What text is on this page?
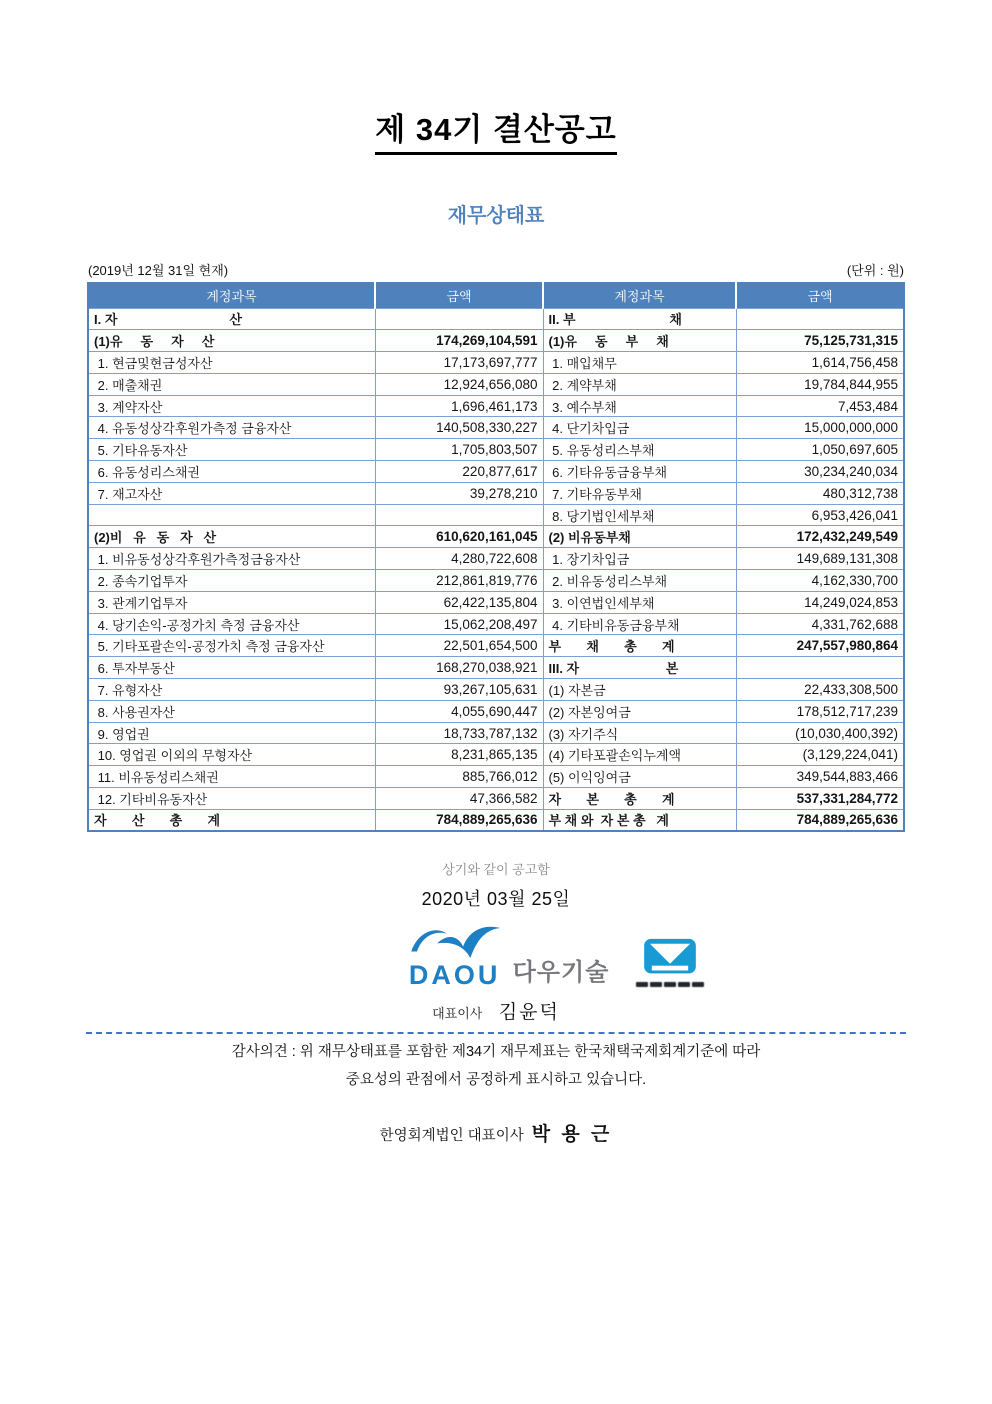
제 34기 결산공고
재무상태표
(2019년 12월 31일 현재)	(단위 : 원)
계정과목	금액	계정과목	금액
I. 자                               산		II. 부                          채	
(1)유     동     자     산	174,269,104,591	(1)유     동     부     채	75,125,731,315
1. 현금및현금성자산	17,173,697,777	1. 매입채무	1,614,756,458
2. 매출채권	12,924,656,080	2. 계약부채	19,784,844,955
3. 계약자산	1,696,461,173	3. 예수부채	7,453,484
4. 유동성상각후원가측정 금융자산	140,508,330,227	4. 단기차입금	15,000,000,000
5. 기타유동자산	1,705,803,507	5. 유동성리스부채	1,050,697,605
6. 유동성리스채권	220,877,617	6. 기타유동금융부채	30,234,240,034
7. 재고자산	39,278,210	7. 기타유동부채	480,312,738
		8. 당기법인세부채	6,953,426,041
(2)비   유   동   자   산	610,620,161,045	(2) 비유동부채	172,432,249,549
1. 비유동성상각후원가측정금융자산	4,280,722,608	1. 장기차입금	149,689,131,308
2. 종속기업투자	212,861,819,776	2. 비유동성리스부채	4,162,330,700
3. 관계기업투자	62,422,135,804	3. 이연법인세부채	14,249,024,853
4. 당기손익-공정가치 측정 금융자산	15,062,208,497	4. 기타비유동금융부채	4,331,762,688
5. 기타포괄손익-공정가치 측정 금융자산	22,501,654,500	부       채       총       계	247,557,980,864
6. 투자부동산	168,270,038,921	III. 자                        본	
7. 유형자산	93,267,105,631	(1) 자본금	22,433,308,500
8. 사용권자산	4,055,690,447	(2) 자본잉여금	178,512,717,239
9. 영업권	18,733,787,132	(3) 자기주식	(10,030,400,392)
10. 영업권 이외의 무형자산	8,231,865,135	(4) 기타포괄손익누계액	(3,129,224,041)
11. 비유동성리스채권	885,766,012	(5) 이익잉여금	349,544,883,466
12. 기타비유동자산	47,366,582	자       본       총       계	537,331,284,772
자       산       총       계	784,889,265,636	부 채 와  자 본 총   계	784,889,265,636
상기와 같이 공고함
2020년 03월 25일
DAOU 다우기술
대표이사 김윤덕
감사의견 : 위 재무상태표를 포함한 제34기 재무제표는 한국채택국제회계기준에 따라
중요성의 관점에서 공정하게 표시하고 있습니다.
한영회계법인 대표이사 박 용 근
